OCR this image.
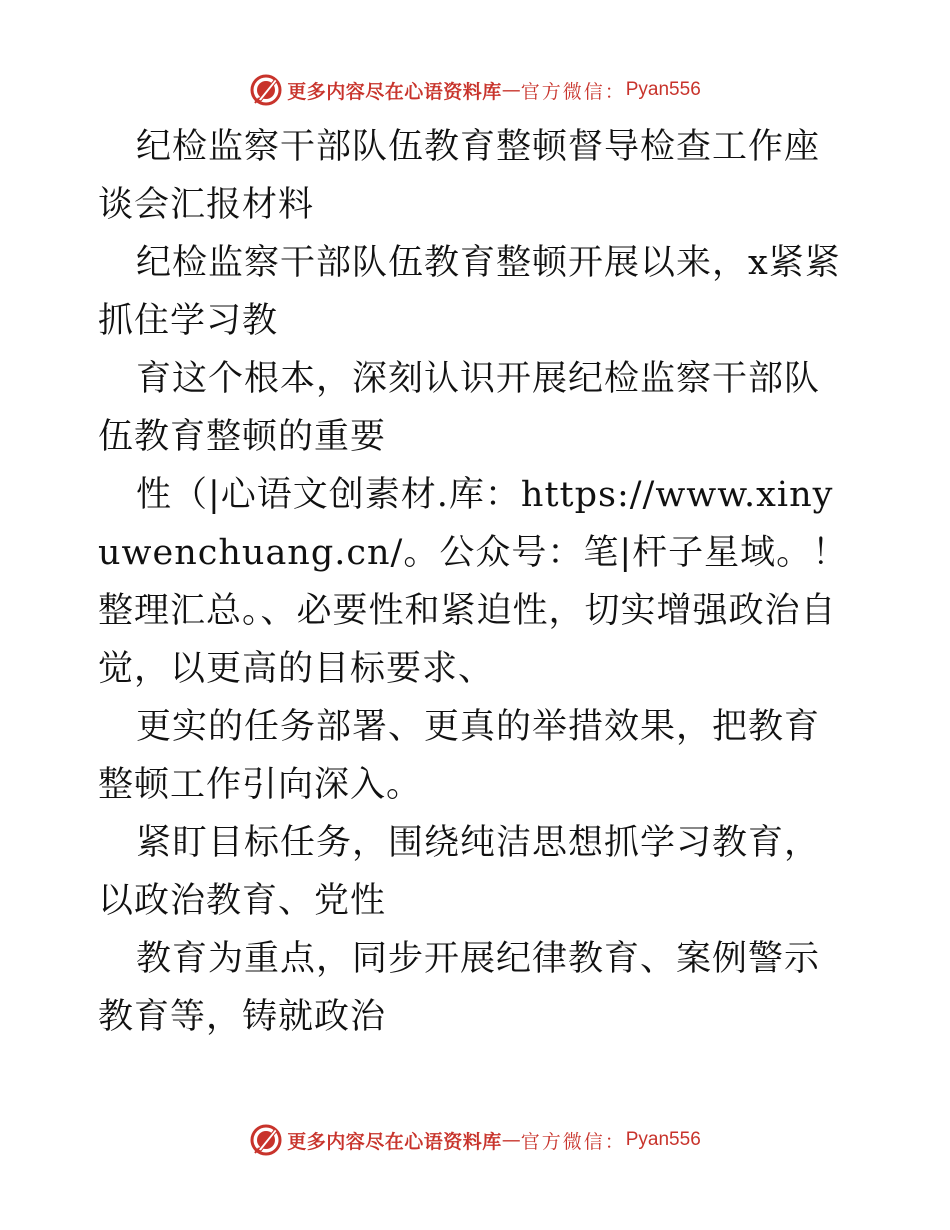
更多内容尽在心语资料库 — 官方微信： Pyan556

纪检监察干部队伍教育整顿督导检查工作座谈会汇报材料

纪检监察干部队伍教育整顿开展以来，x紧紧抓住学习教

育这个根本，深刻认识开展纪检监察干部队伍教育整顿的重要

性（|心语文创素材.库：https://www.xinyuwenchuang.cn/。公众号：笔|杆子星域。！整理汇总。、必要性和紧迫性，切实增强政治自觉，以更高的目标要求、

更实的任务部署、更真的举措效果，把教育整顿工作引向深入。

紧盯目标任务，围绕纯洁思想抓学习教育，以政治教育、党性

教育为重点，同步开展纪律教育、案例警示教育等，铸就政治

更多内容尽在心语资料库 — 官方微信： Pyan556
